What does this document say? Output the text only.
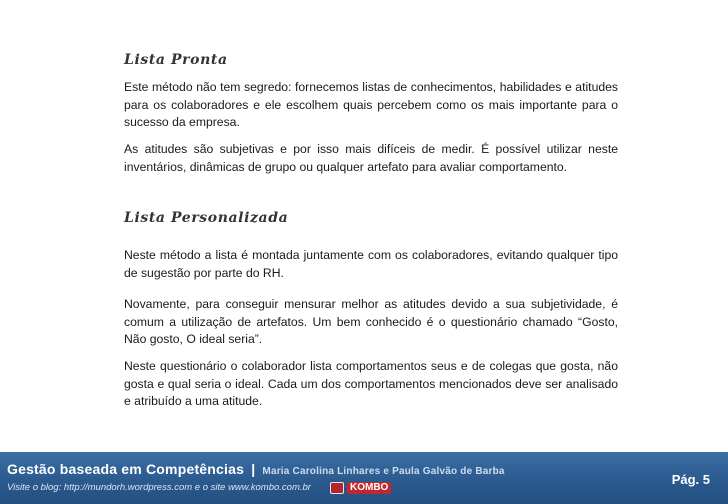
Lista Pronta

Este método não tem segredo: fornecemos listas de conhecimentos, habilidades e atitudes para os colaboradores e ele escolhem quais percebem como os mais importante para o sucesso da empresa.

As atitudes são subjetivas e por isso mais difíceis de medir. É possível utilizar neste inventários, dinâmicas de grupo ou qualquer artefato para avaliar comportamento.

Lista Personalizada

Neste método a lista é montada juntamente com os colaboradores, evitando qualquer tipo de sugestão por parte do RH.

Novamente, para conseguir mensurar melhor as atitudes devido a sua subjetividade, é comum a utilização de artefatos. Um bem conhecido é o questionário chamado “Gosto, Não gosto, O ideal seria”.

Neste questionário o colaborador lista comportamentos seus e de colegas que gosta, não gosta e qual seria o ideal. Cada um dos comportamentos mencionados deve ser analisado e atribuído a uma atitude.

Gestão baseada em Competências | Maria Carolina Linhares e Paula Galvão de Barba
Visite o blog: http://mundorh.wordpress.com e o site www.kombo.com.br	KOMBO	Pág. 5
